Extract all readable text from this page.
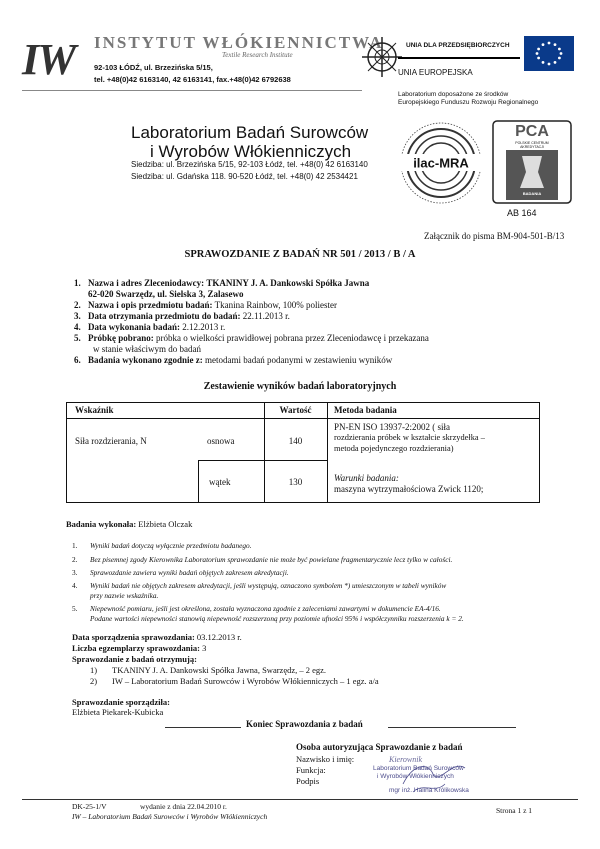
IW INSTYTUT WŁÓKIENNICTWA
Textile Research Institute
92-103 ŁÓDŹ, ul. Brzezińska 5/15,
tel. +48(0)42 6163140, 42 6163141, fax.+48(0)42 6792638
UNIA DLA PRZEDSIĘBIORCZYCH
UNIA EUROPEJSKA
Laboratorium doposażone ze środków
Europejskiego Funduszu Rozwoju Regionalnego
Laboratorium Badań Surowców
i Wyrobów Włókienniczych
Siedziba: ul. Brzezińska 5/15, 92-103 Łódź, tel. +48(0) 42 6163140
Siedziba: ul. Gdańska 118. 90-520 Łódź, tel. +48(0) 42 2534421
ilac-MRA
PCA
POLSKIE CENTRUM
AKREDYTACJI
BADANIA
AB 164
Załącznik do pisma BM-904-501-B/13
SPRAWOZDANIE Z BADAŃ NR 501 / 2013 / B / A
1. Nazwa i adres Zleceniodawcy: TKANINY J. A. Dankowski Spółka Jawna
62-020 Swarzędz, ul. Sielska 3, Zalasewo
2. Nazwa i opis przedmiotu badań: Tkanina Rainbow, 100% poliester
3. Data otrzymania przedmiotu do badań: 22.11.2013 r.
4. Data wykonania badań: 2.12.2013 r.
5. Próbkę pobrano: próbka o wielkości prawidłowej pobrana przez Zleceniodawcę i przekazana
w stanie właściwym do badań
6. Badania wykonano zgodnie z: metodami badań podanymi w zestawieniu wyników
Zestawienie wyników badań laboratoryjnych
Wskaźnik	Wartość	Metoda badania
Siła rozdzierania, N	osnowa	140
wątek	130
PN-EN ISO 13937-2:2002 ( siła
rozdzierania próbek w kształcie skrzydełka –
metoda pojedynczego rozdzierania)
Warunki badania:
maszyna wytrzymałościowa Zwick 1120;
Badania wykonała: Elżbieta Olczak
1. Wyniki badań dotyczą wyłącznie przedmiotu badanego.
2. Bez pisemnej zgody Kierownika Laboratorium sprawozdanie nie może być powielane fragmentarycznie lecz tylko w całości.
3. Sprawozdanie zawiera wyniki badań objętych zakresem akredytacji.
4. Wyniki badań nie objętych zakresem akredytacji, jeśli występują, oznaczono symbolem *) umieszczonym w tabeli wyników
przy nazwie wskaźnika.
5. Niepewność pomiaru, jeśli jest określona, została wyznaczona zgodnie z zaleceniami zawartymi w dokumencie EA-4/16.
Podane wartości niepewności stanowią niepewność rozszerzoną przy poziomie ufności 95% i współczynniku rozszerzenia k = 2.
Data sporządzenia sprawozdania: 03.12.2013 r.
Liczba egzemplarzy sprawozdania: 3
Sprawozdanie z badań otrzymują:
1) TKANINY J. A. Dankowski Spółka Jawna, Swarzędz, – 2 egz.
2) IW – Laboratorium Badań Surowców i Wyrobów Włókienniczych – 1 egz. a/a
Sprawozdanie sporządziła:
Elżbieta Piekarek-Kubicka
Koniec Sprawozdania z badań
Osoba autoryzująca Sprawozdanie z badań
Nazwisko i imię:
Funkcja:
Podpis
Kierownik
Laboratorium Badań Surowców
i Wyrobów Włókienniczych
mgr inż. Halina Królikowska
DK-25-1/V	wydanie z dnia 22.04.2010 r.	Strona 1 z 1
IW – Laboratorium Badań Surowców i Wyrobów Włókienniczych
